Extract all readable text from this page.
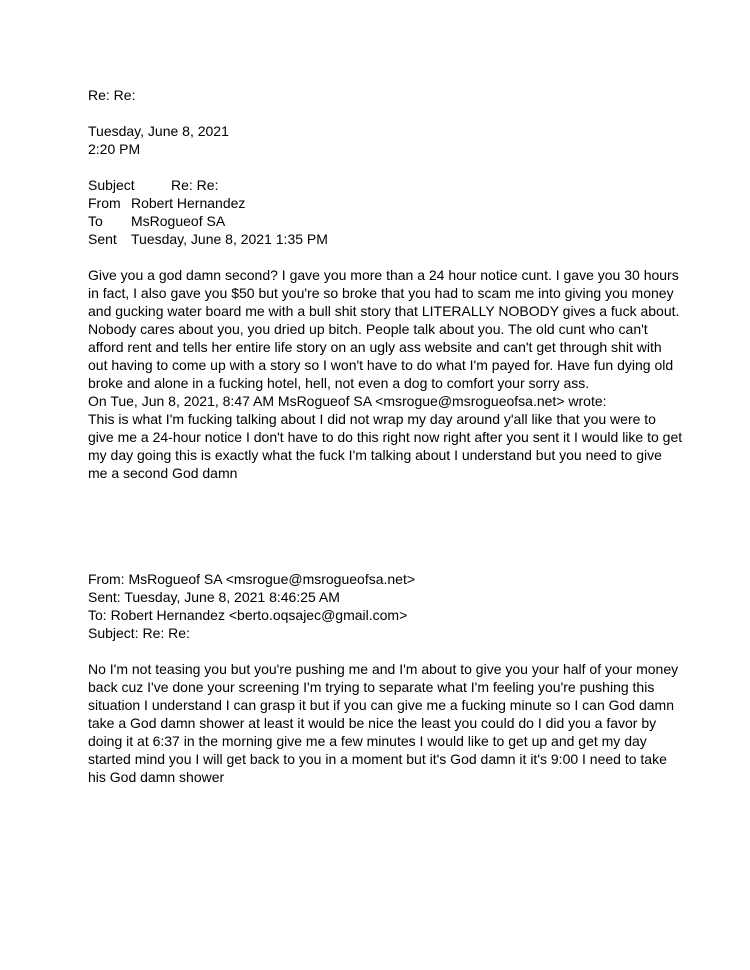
Re: Re:
Tuesday, June 8, 2021
2:20 PM
Subject	Re: Re:
From Robert Hernandez
To MsRogueof SA
Sent Tuesday, June 8, 2021 1:35 PM
Give you a god damn second? I gave you more than a 24 hour notice cunt. I gave you 30 hours
in fact, I also gave you $50 but you're so broke that you had to scam me into giving you money
and gucking water board me with a bull shit story that LITERALLY NOBODY gives a fuck about.
Nobody cares about you, you dried up bitch. People talk about you. The old cunt who can't
afford rent and tells her entire life story on an ugly ass website and can't get through shit with
out having to come up with a story so I won't have to do what I'm payed for. Have fun dying old
broke and alone in a fucking hotel, hell, not even a dog to comfort your sorry ass.
On Tue, Jun 8, 2021, 8:47 AM MsRogueof SA <msrogue@msrogueofsa.net> wrote:
This is what I'm fucking talking about I did not wrap my day around y'all like that you were to
give me a 24-hour notice I don't have to do this right now right after you sent it I would like to get
my day going this is exactly what the fuck I'm talking about I understand but you need to give
me a second God damn
From: MsRogueof SA <msrogue@msrogueofsa.net>
Sent: Tuesday, June 8, 2021 8:46:25 AM
To: Robert Hernandez <berto.oqsajec@gmail.com>
Subject: Re: Re:
No I'm not teasing you but you're pushing me and I'm about to give you your half of your money
back cuz I've done your screening I'm trying to separate what I'm feeling you're pushing this
situation I understand I can grasp it but if you can give me a fucking minute so I can God damn
take a God damn shower at least it would be nice the least you could do I did you a favor by
doing it at 6:37 in the morning give me a few minutes I would like to get up and get my day
started mind you I will get back to you in a moment but it's God damn it it's 9:00 I need to take
his God damn shower
